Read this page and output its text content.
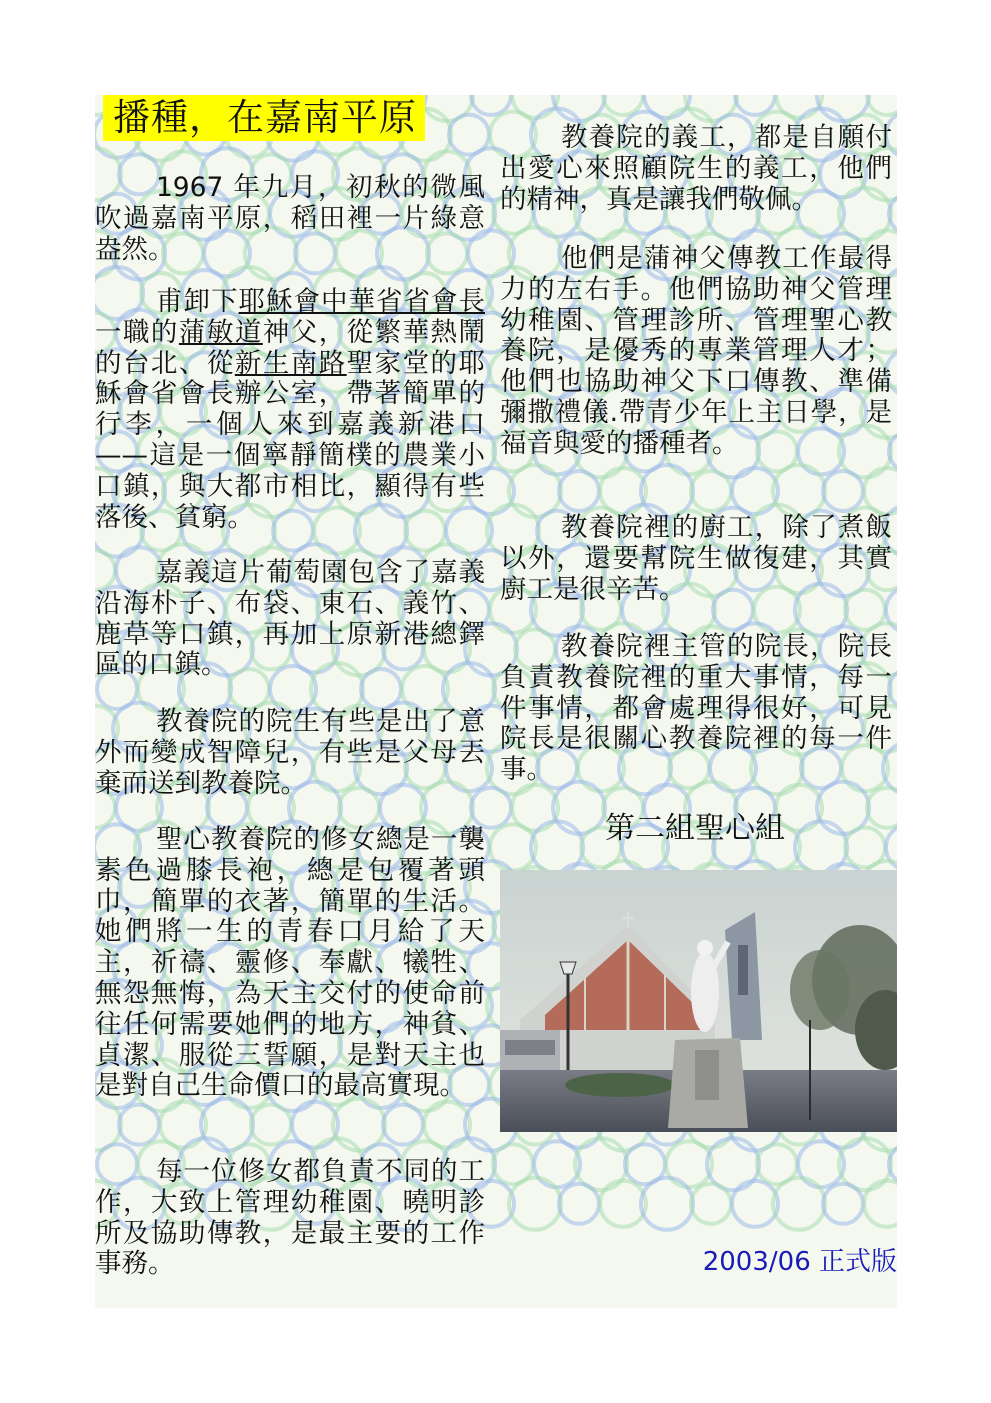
播種，在嘉南平原

1967 年九月，初秋的微風吹過嘉南平原，稻田裡一片綠意盎然。

甫卸下耶穌會中華省省會長一職的蒲敏道神父，從繁華熱鬧的台北、從新生南路聖家堂的耶穌會省會長辦公室，帶著簡單的行李，一個人來到嘉義新港口——這是一個寧靜簡樸的農業小口鎮，與大都市相比，顯得有些落後、貧窮。

嘉義這片葡萄園包含了嘉義沿海朴子、布袋、東石、義竹、鹿草等口鎮，再加上原新港總鐸區的口鎮。

教養院的院生有些是出了意外而變成智障兒，有些是父母丟棄而送到教養院。

聖心教養院的修女總是一襲素色過膝長袍，總是包覆著頭巾，簡單的衣著，簡單的生活。她們將一生的青春口月給了天主，祈禱、靈修、奉獻、犧牲、無怨無悔，為天主交付的使命前往任何需要她們的地方，神貧、貞潔、服從三誓願，是對天主也是對自己生命價口的最高實現。

每一位修女都負責不同的工作，大致上管理幼稚園、曉明診所及協助傳教，是最主要的工作事務。

教養院的義工，都是自願付出愛心來照顧院生的義工，他們的精神，真是讓我們敬佩。

他們是蒲神父傳教工作最得力的左右手。他們協助神父管理幼稚園、管理診所、管理聖心教養院，是優秀的專業管理人才；他們也協助神父下口傳教、準備彌撒禮儀.帶青少年上主日學，是福音與愛的播種者。

教養院裡的廚工，除了煮飯以外，還要幫院生做復建，其實廚工是很辛苦。

教養院裡主管的院長，院長負責教養院裡的重大事情，每一件事情，都會處理得很好，可見院長是很關心教養院裡的每一件事。

第二組聖心組
2003/06 正式版
